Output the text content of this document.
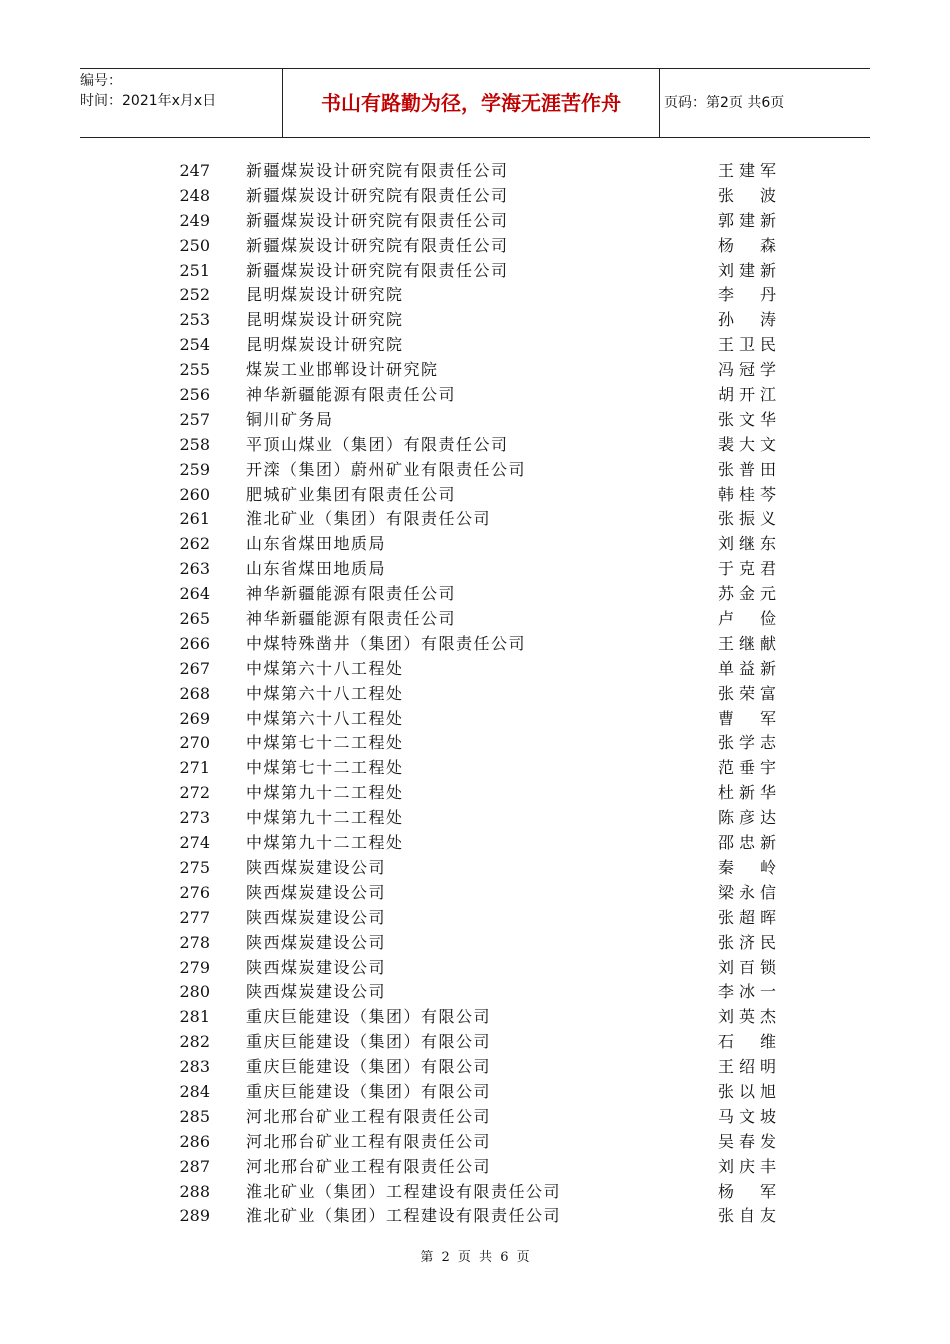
编号：
时间：2021年x月x日	书山有路勤为径，学海无涯苦作舟	页码：第2页 共6页
247 新疆煤炭设计研究院有限责任公司	王建军
248 新疆煤炭设计研究院有限责任公司	张 波
249 新疆煤炭设计研究院有限责任公司	郭建新
250 新疆煤炭设计研究院有限责任公司	杨 森
251 新疆煤炭设计研究院有限责任公司	刘建新
252 昆明煤炭设计研究院	李 丹
253 昆明煤炭设计研究院	孙 涛
254 昆明煤炭设计研究院	王卫民
255 煤炭工业邯郸设计研究院	冯冠学
256 神华新疆能源有限责任公司	胡开江
257 铜川矿务局	张文华
258 平顶山煤业（集团）有限责任公司	裴大文
259 开滦（集团）蔚州矿业有限责任公司	张普田
260 肥城矿业集团有限责任公司	韩桂芩
261 淮北矿业（集团）有限责任公司	张振义
262 山东省煤田地质局	刘继东
263 山东省煤田地质局	于克君
264 神华新疆能源有限责任公司	苏金元
265 神华新疆能源有限责任公司	卢 俭
266 中煤特殊凿井（集团）有限责任公司	王继献
267 中煤第六十八工程处	单益新
268 中煤第六十八工程处	张荣富
269 中煤第六十八工程处	曹 军
270 中煤第七十二工程处	张学志
271 中煤第七十二工程处	范垂宇
272 中煤第九十二工程处	杜新华
273 中煤第九十二工程处	陈彦达
274 中煤第九十二工程处	邵忠新
275 陕西煤炭建设公司	秦 岭
276 陕西煤炭建设公司	梁永信
277 陕西煤炭建设公司	张超晖
278 陕西煤炭建设公司	张济民
279 陕西煤炭建设公司	刘百锁
280 陕西煤炭建设公司	李冰一
281 重庆巨能建设（集团）有限公司	刘英杰
282 重庆巨能建设（集团）有限公司	石 维
283 重庆巨能建设（集团）有限公司	王绍明
284 重庆巨能建设（集团）有限公司	张以旭
285 河北邢台矿业工程有限责任公司	马文坡
286 河北邢台矿业工程有限责任公司	吴春发
287 河北邢台矿业工程有限责任公司	刘庆丰
288 淮北矿业（集团）工程建设有限责任公司	杨 军
289 淮北矿业（集团）工程建设有限责任公司	张自友
第 2 页 共 6 页
